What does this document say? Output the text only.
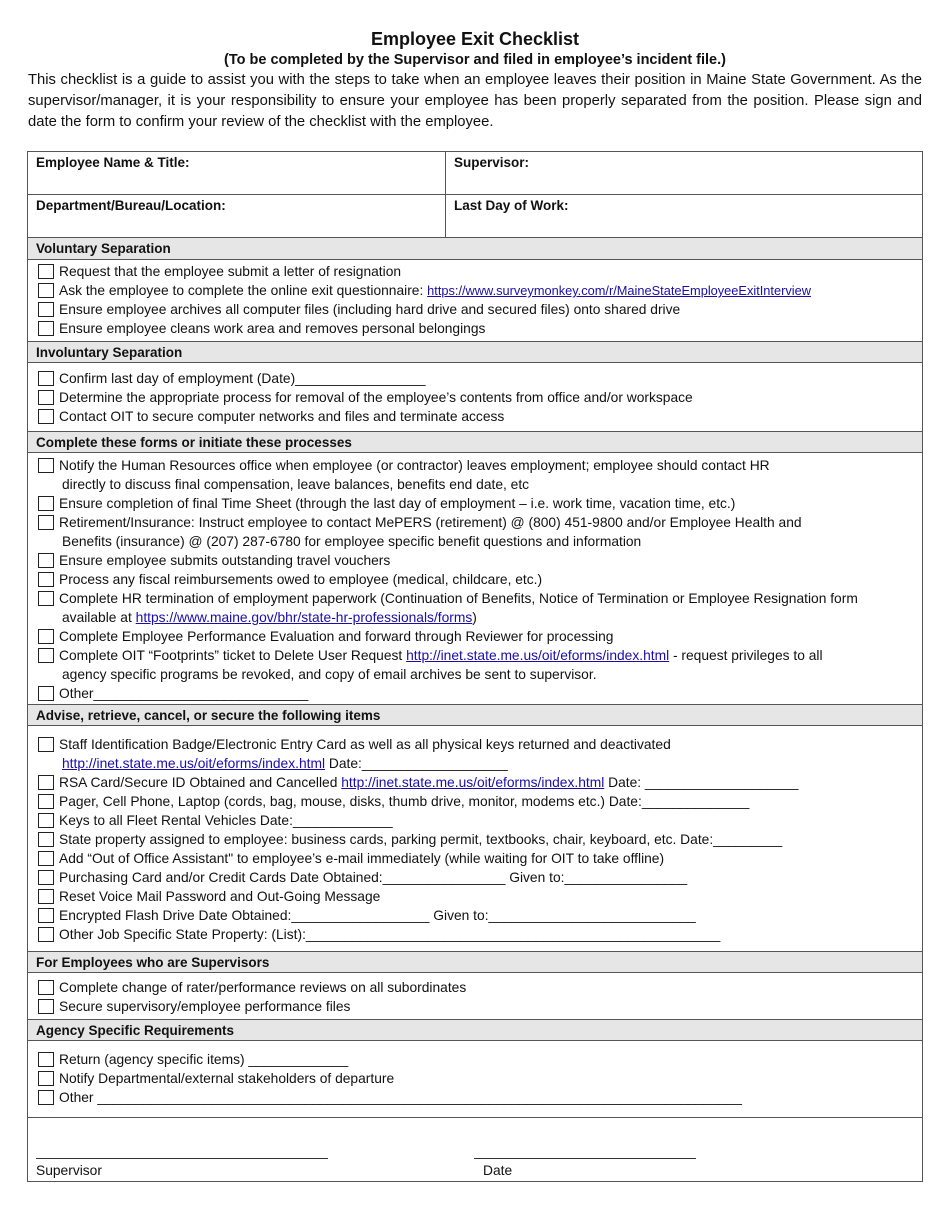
Employee Exit Checklist
(To be completed by the Supervisor and filed in employee’s incident file.)
This checklist is a guide to assist you with the steps to take when an employee leaves their position in Maine State Government. As the supervisor/manager, it is your responsibility to ensure your employee has been properly separated from the position. Please sign and date the form to confirm your review of the checklist with the employee.
Employee Name & Title:	Supervisor:
Department/Bureau/Location:	Last Day of Work:
Voluntary Separation
Request that the employee submit a letter of resignation
Ask the employee to complete the online exit questionnaire: https://www.surveymonkey.com/r/MaineStateEmployeeExitInterview
Ensure employee archives all computer files (including hard drive and secured files) onto shared drive
Ensure employee cleans work area and removes personal belongings
Involuntary Separation
Confirm last day of employment (Date)_________________
Determine the appropriate process for removal of the employee’s contents from office and/or workspace
Contact OIT to secure computer networks and files and terminate access
Complete these forms or initiate these processes
Notify the Human Resources office when employee (or contractor) leaves employment; employee should contact HR
directly to discuss final compensation, leave balances, benefits end date, etc
Ensure completion of final Time Sheet (through the last day of employment – i.e. work time, vacation time, etc.)
Retirement/Insurance: Instruct employee to contact MePERS (retirement) @ (800) 451-9800 and/or Employee Health and
Benefits (insurance) @ (207) 287-6780 for employee specific benefit questions and information
Ensure employee submits outstanding travel vouchers
Process any fiscal reimbursements owed to employee (medical, childcare, etc.)
Complete HR termination of employment paperwork (Continuation of Benefits, Notice of Termination or Employee Resignation form
available at https://www.maine.gov/bhr/state-hr-professionals/forms)
Complete Employee Performance Evaluation and forward through Reviewer for processing
Complete OIT “Footprints” ticket to Delete User Request http://inet.state.me.us/oit/eforms/index.html - request privileges to all
agency specific programs be revoked, and copy of email archives be sent to supervisor.
Other____________________________
Advise, retrieve, cancel, or secure the following items
Staff Identification Badge/Electronic Entry Card as well as all physical keys returned and deactivated
http://inet.state.me.us/oit/eforms/index.html Date:___________________
RSA Card/Secure ID Obtained and Cancelled http://inet.state.me.us/oit/eforms/index.html Date: ____________________
Pager, Cell Phone, Laptop (cords, bag, mouse, disks, thumb drive, monitor, modems etc.) Date:______________
Keys to all Fleet Rental Vehicles Date:_____________
State property assigned to employee: business cards, parking permit, textbooks, chair, keyboard, etc. Date:_________
Add “Out of Office Assistant" to employee’s e-mail immediately (while waiting for OIT to take offline)
Purchasing Card and/or Credit Cards Date Obtained:________________ Given to:________________
Reset Voice Mail Password and Out-Going Message
Encrypted Flash Drive Date Obtained:__________________ Given to:___________________________
Other Job Specific State Property: (List):______________________________________________________
For Employees who are Supervisors
Complete change of rater/performance reviews on all subordinates
Secure supervisory/employee performance files
Agency Specific Requirements
Return (agency specific items) _____________
Notify Departmental/external stakeholders of departure
Other ____________________________________________________________________________________
Supervisor	Date
